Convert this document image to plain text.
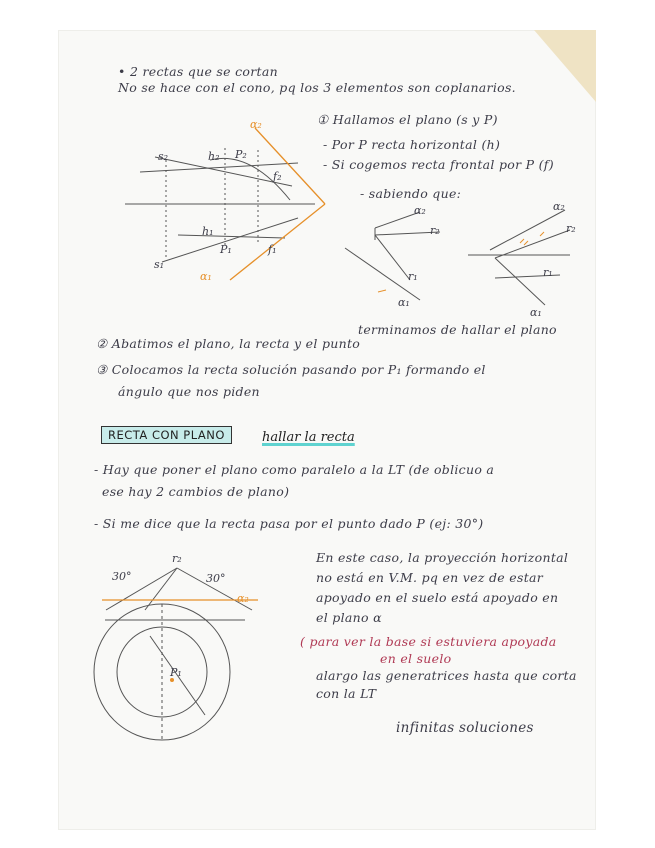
• 2 rectas que se cortan
No se hace con el cono, pq los 3 elementos son coplanarios.
① Hallamos el plano (s y P)
- Por P recta horizontal (h)
- Si cogemos recta frontal por P (f)
- sabiendo que:
s₂	h₂ P₂
f₂
α₂
h₁
P₁	f₁
s₁
α₁
α₂
r₂
r₁
α₁
α₂
r₂
r₁
α₁
terminamos de hallar el plano
② Abatimos el plano, la recta y el punto
③ Colocamos la recta solución pasando por P₁ formando el
ángulo que nos piden
RECTA CON PLANO	hallar la recta
- Hay que poner el plano como paralelo a la LT (de oblicuo a
ese hay 2 cambios de plano)
- Si me dice que la recta pasa por el punto dado P (ej: 30°)
r₂
30°	30°
α₂
P₁
En este caso, la proyección horizontal
no está en V.M. pq en vez de estar
apoyado en el suelo está apoyado en
el plano α
( para ver la base si estuviera apoyada
en el suelo
alargo las generatrices hasta que corta
con la LT
infinitas soluciones
